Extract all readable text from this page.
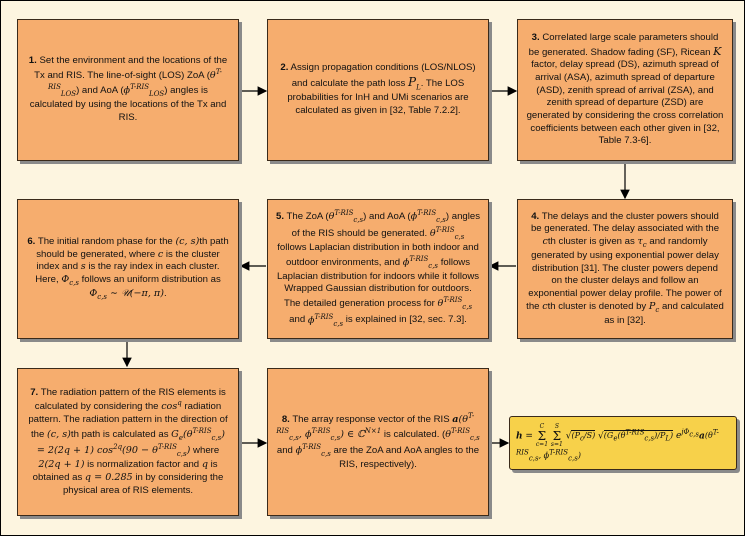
1. Set the environment and the locations of the Tx and RIS. The line-of-sight (LOS) ZoA $(\theta^{T-RIS}_{LOS})$ and AoA $(\phi^{T-RIS}_{LOS})$ angles is calculated by using the locations of the Tx and RIS.

2. Assign propagation conditions (LOS/NLOS) and calculate the path loss $P_L$. The LOS probabilities for InH and UMi scenarios are calculated as given in [32, Table 7.2.2].

3. Correlated large scale parameters should be generated. Shadow fading (SF), Ricean K factor, delay spread (DS), azimuth spread of arrival (ASA), azimuth spread of departure (ASD), zenith spread of arrival (ZSA), and zenith spread of departure (ZSD) are generated by considering the cross correlation coefficients between each other given in [32, Table 7.3-6].

4. The delays and the cluster powers should be generated. The delay associated with the cth cluster is given as $\tau_c$ and randomly generated by using exponential power delay distribution [31]. The cluster powers depend on the cluster delays and follow an exponential power delay profile. The power of the cth cluster is denoted by $P_c$ and calculated as in [32].

5. The ZoA $(\theta^{T-RIS}_{c,s})$ and AoA $(\phi^{T-RIS}_{c,s})$ angles of the RIS should be generated. $\theta^{T-RIS}_{c,s}$ follows Laplacian distribution in both indoor and outdoor environments, and $\phi^{T-RIS}_{c,s}$ follows Laplacian distribution for indoors while it follows Wrapped Gaussian distribution for outdoors. The detailed generation process for $\theta^{T-RIS}_{c,s}$ and $\phi^{T-RIS}_{c,s}$ is explained in [32, sec. 7.3].

6. The initial random phase for the (c, s)th path should be generated, where c is the cluster index and s is the ray index in each cluster. Here, $\Phi_{c,s}$ follows an uniform distribution as $\Phi_{c,s}$ ∼ 𝒰(−π, π).

7. The radiation pattern of the RIS elements is calculated by considering the $\cos^q$ radiation pattern. The radiation pattern in the direction of the (c, s)th path is calculated as $G_e(\theta^{T-RIS}_{c,s}) = 2(2q + 1) \cos^{2q}(90 - \theta^{T-RIS}_{c,s})$ where 2(2q + 1) is normalization factor and q is obtained as q = 0.285 in by considering the physical area of RIS elements.

8. The array response vector of the RIS $a(\theta^{T-RIS}_{c,s}$, $\phi^{T-RIS}_{c,s}$) ∈ ℂ$^{N\times 1}$ is calculated. ($\theta^{T-RIS}_{c,s}$ and $\phi^{T-RIS}_{c,s}$ are the ZoA and AoA angles to the RIS, respectively).

h =
C
Σ
c=1

S
Σ
s=1
$√(P_c/S)$ $√(G_e(\theta^{T-RIS}_{c,s})/P_L)$ $e^{j\Phi_{c,s}}a(\theta^{T-RIS}_{c,s}$, $\phi^{T-RIS}_{c,s}$)
